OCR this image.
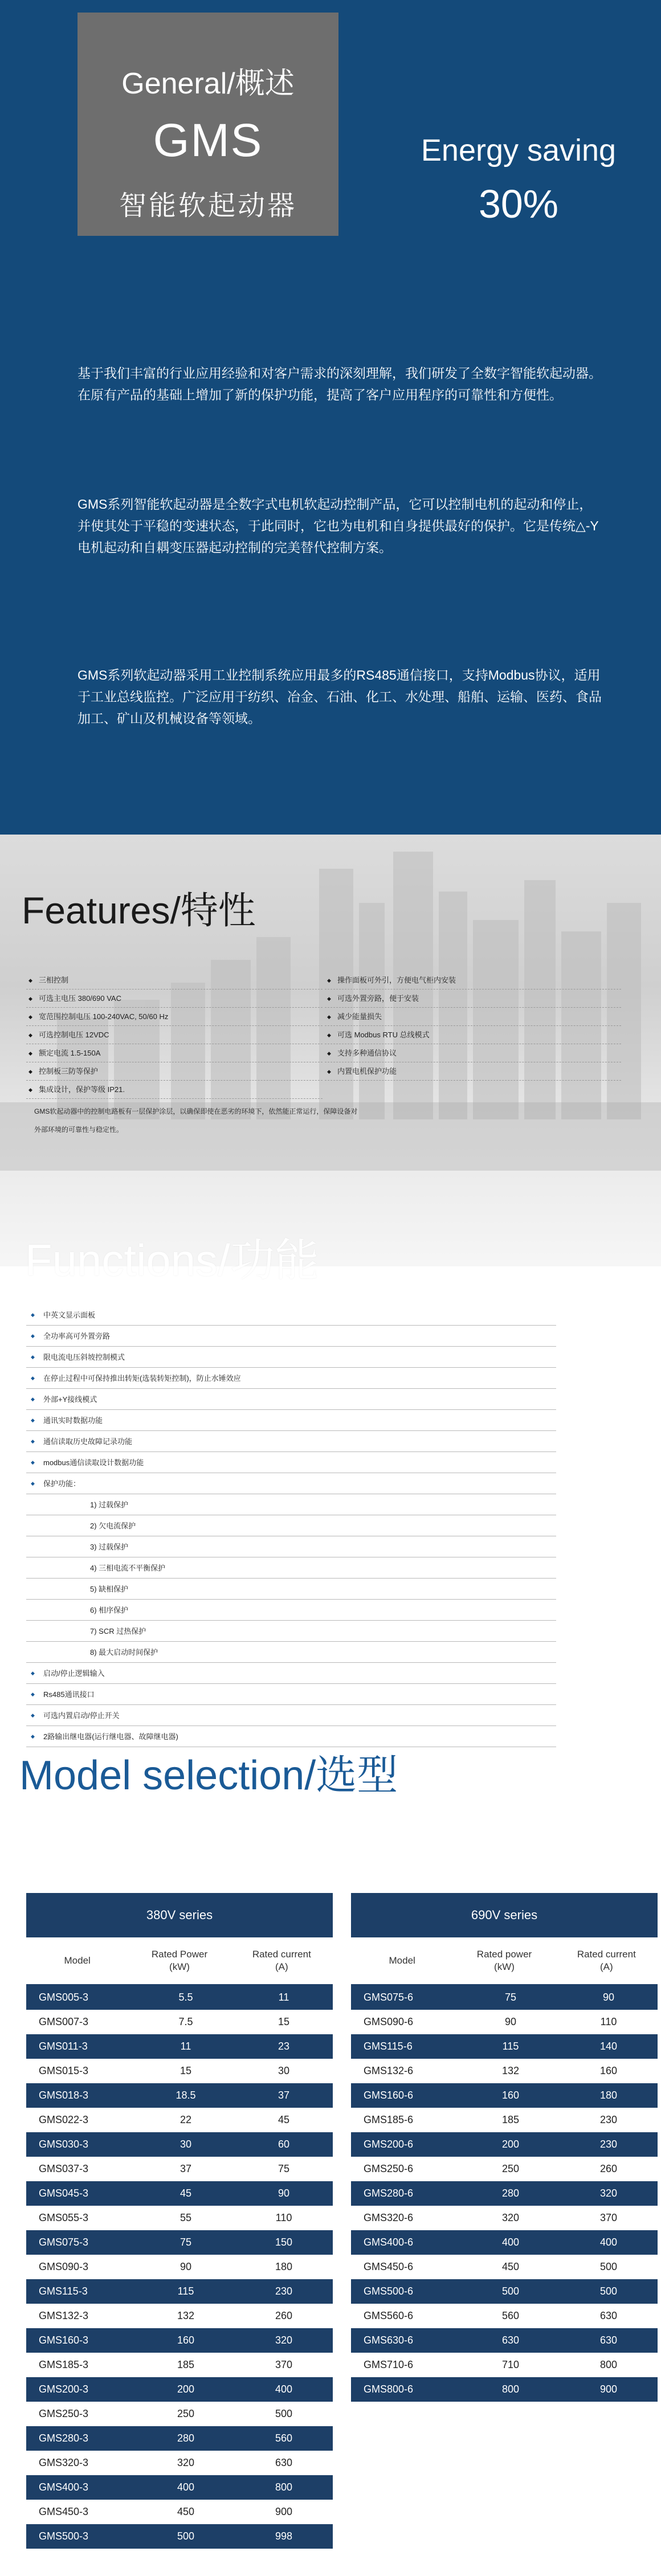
General/概述
GMS
智能软起动器
Energy saving
30%

基于我们丰富的行业应用经验和对客户需求的深刻理解，我们研发了全数字智能软起动器。在原有产品的基础上增加了新的保护功能，提高了客户应用程序的可靠性和方便性。

GMS系列智能软起动器是全数字式电机软起动控制产品，它可以控制电机的起动和停止，并使其处于平稳的变速状态，于此同时，它也为电机和自身提供最好的保护。它是传统△-Y电机起动和自耦变压器起动控制的完美替代控制方案。

GMS系列软起动器采用工业控制系统应用最多的RS485通信接口，支持Modbus协议，适用于工业总线监控。广泛应用于纺织、冶金、石油、化工、水处理、船舶、运输、医药、食品加工、矿山及机械设备等领域。

Features/特性
◆ 三相控制
◆ 可选主电压 380/690 VAC
◆ 宽范围控制电压 100-240VAC, 50/60 Hz
◆ 可选控制电压 12VDC
◆ 额定电流 1.5-150A
◆ 控制板三防等保护
◆ 集成设计，保护等级 IP21.
◆ 操作面板可外引，方便电气柜内安装
◆ 可选外置旁路，便于安装
◆ 减少能量损失
◆ 可选 Modbus RTU 总线模式
◆ 支持多种通信协议
◆ 内置电机保护功能

GMS软起动器中的控制电路板有一层保护涂层，以确保即使在恶劣的环境下，依然能正常运行，保障设备对外部环境的可靠性与稳定性。

Functions/功能
◆ 中英文显示面板
◆ 全功率高可外置旁路
◆ 限电流电压斜坡控制模式
◆ 在停止过程中可保持推出转矩(选装转矩控制)，防止水锤效应
◆ 外部+Y接线模式
◆ 通讯实时数据功能
◆ 通信读取历史故障记录功能
◆ modbus通信读取设计数据功能
◆ 保护功能：
1) 过载保护
2) 欠电流保护
3) 过载保护
4) 三相电流不平衡保护
5) 缺相保护
6) 相序保护
7) SCR 过热保护
8) 最大启动时间保护
◆ 启动/停止逻辑输入
◆ Rs485通讯接口
◆ 可选内置启动/停止开关
◆ 2路输出继电器(运行继电器、故障继电器)
Model selection/选型
380V series
Model
Rated Power
(kW)
Rated current
(A)
GMS005-3	5.5	11
GMS007-3	7.5	15
GMS011-3	11	23
GMS015-3	15	30
GMS018-3	18.5	37
GMS022-3	22	45
GMS030-3	30	60
GMS037-3	37	75
GMS045-3	45	90
GMS055-3	55	110
GMS075-3	75	150
GMS090-3	90	180
GMS115-3	115	230
GMS132-3	132	260
GMS160-3	160	320
GMS185-3	185	370
GMS200-3	200	400
GMS250-3	250	500
GMS280-3	280	560
GMS320-3	320	630
GMS400-3	400	800
GMS450-3	450	900
GMS500-3	500	998
690V series
Model
Rated power
(kW)
Rated current
(A)
GMS075-6	75	90
GMS090-6	90	110
GMS115-6	115	140
GMS132-6	132	160
GMS160-6	160	180
GMS185-6	185	230
GMS200-6	200	230
GMS250-6	250	260
GMS280-6	280	320
GMS320-6	320	370
GMS400-6	400	400
GMS450-6	450	500
GMS500-6	500	500
GMS560-6	560	630
GMS630-6	630	630
GMS710-6	710	800
GMS800-6	800	900
